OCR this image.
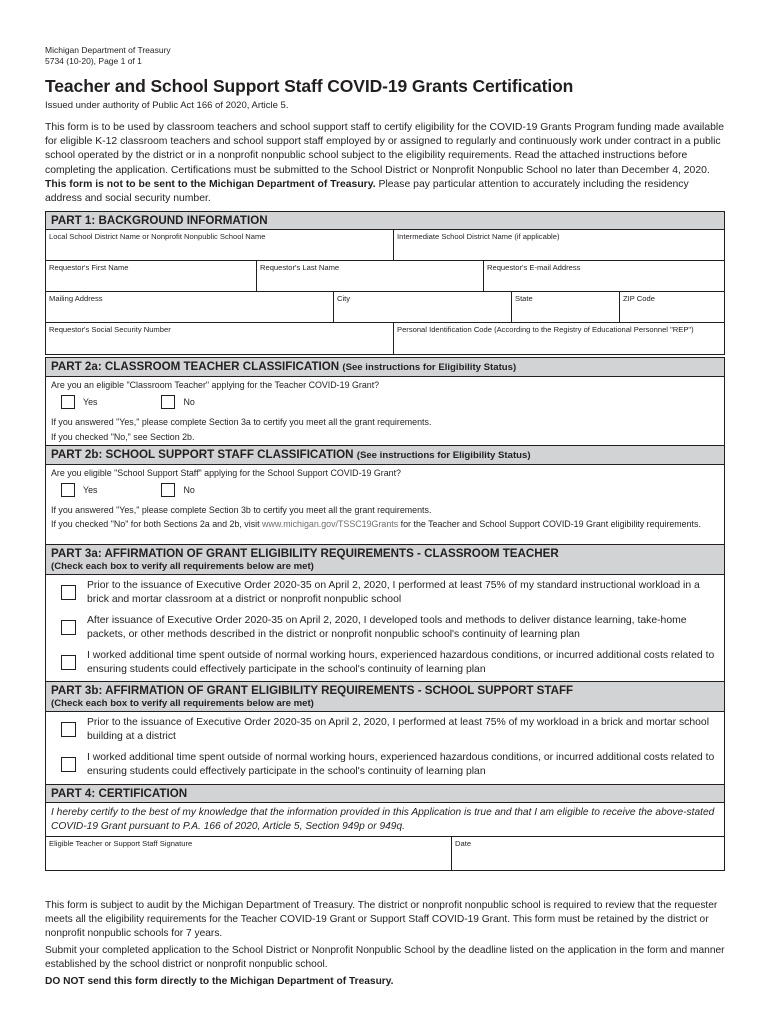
Michigan Department of Treasury
5734 (10-20), Page 1 of 1
Teacher and School Support Staff COVID-19 Grants Certification
Issued under authority of Public Act 166 of 2020, Article 5.
This form is to be used by classroom teachers and school support staff to certify eligibility for the COVID-19 Grants Program funding made available for eligible K-12 classroom teachers and school support staff employed by or assigned to regularly and continuously work under contract in a public school operated by the district or in a nonprofit nonpublic school subject to the eligibility requirements. Read the attached instructions before completing the application. Certifications must be submitted to the School District or Nonprofit Nonpublic School no later than December 4, 2020. This form is not to be sent to the Michigan Department of Treasury. Please pay particular attention to accurately including the residency address and social security number.
PART 1: BACKGROUND INFORMATION
Local School District Name or Nonprofit Nonpublic School Name	Intermediate School District Name (if applicable)
Requestor's First Name	Requestor's Last Name	Requestor's E-mail Address
Mailing Address	City	State	ZIP Code
Requestor's Social Security Number	Personal Identification Code (According to the Registry of Educational Personnel "REP")
PART 2a: CLASSROOM TEACHER CLASSIFICATION (See instructions for Eligibility Status)
Are you an eligible "Classroom Teacher" applying for the Teacher COVID-19 Grant?
Yes	No
If you answered "Yes," please complete Section 3a to certify you meet all the grant requirements.
If you checked "No," see Section 2b.
PART 2b: SCHOOL SUPPORT STAFF CLASSIFICATION (See instructions for Eligibility Status)
Are you eligible "School Support Staff" applying for the School Support COVID-19 Grant?
Yes	No
If you answered "Yes," please complete Section 3b to certify you meet all the grant requirements.
If you checked "No" for both Sections 2a and 2b, visit www.michigan.gov/TSSC19Grants for the Teacher and School Support COVID-19 Grant eligibility requirements.
PART 3a: AFFIRMATION OF GRANT ELIGIBILITY REQUIREMENTS - CLASSROOM TEACHER
(Check each box to verify all requirements below are met)
Prior to the issuance of Executive Order 2020-35 on April 2, 2020, I performed at least 75% of my standard instructional workload in a brick and mortar classroom at a district or nonprofit nonpublic school
After issuance of Executive Order 2020-35 on April 2, 2020, I developed tools and methods to deliver distance learning, take-home packets, or other methods described in the district or nonprofit nonpublic school's continuity of learning plan
I worked additional time spent outside of normal working hours, experienced hazardous conditions, or incurred additional costs related to ensuring students could effectively participate in the school's continuity of learning plan
PART 3b: AFFIRMATION OF GRANT ELIGIBILITY REQUIREMENTS - SCHOOL SUPPORT STAFF
(Check each box to verify all requirements below are met)
Prior to the issuance of Executive Order 2020-35 on April 2, 2020, I performed at least 75% of my workload in a brick and mortar school building at a district
I worked additional time spent outside of normal working hours, experienced hazardous conditions, or incurred additional costs related to ensuring students could effectively participate in the school's continuity of learning plan
PART 4: CERTIFICATION
I hereby certify to the best of my knowledge that the information provided in this Application is true and that I am eligible to receive the above-stated COVID-19 Grant pursuant to P.A. 166 of 2020, Article 5, Section 949p or 949q.
Eligible Teacher or Support Staff Signature	Date
This form is subject to audit by the Michigan Department of Treasury. The district or nonprofit nonpublic school is required to review that the requester meets all the eligibility requirements for the Teacher COVID-19 Grant or Support Staff COVID-19 Grant. This form must be retained by the district or nonprofit nonpublic schools for 7 years.
Submit your completed application to the School District or Nonprofit Nonpublic School by the deadline listed on the application in the form and manner established by the school district or nonprofit nonpublic school.
DO NOT send this form directly to the Michigan Department of Treasury.
